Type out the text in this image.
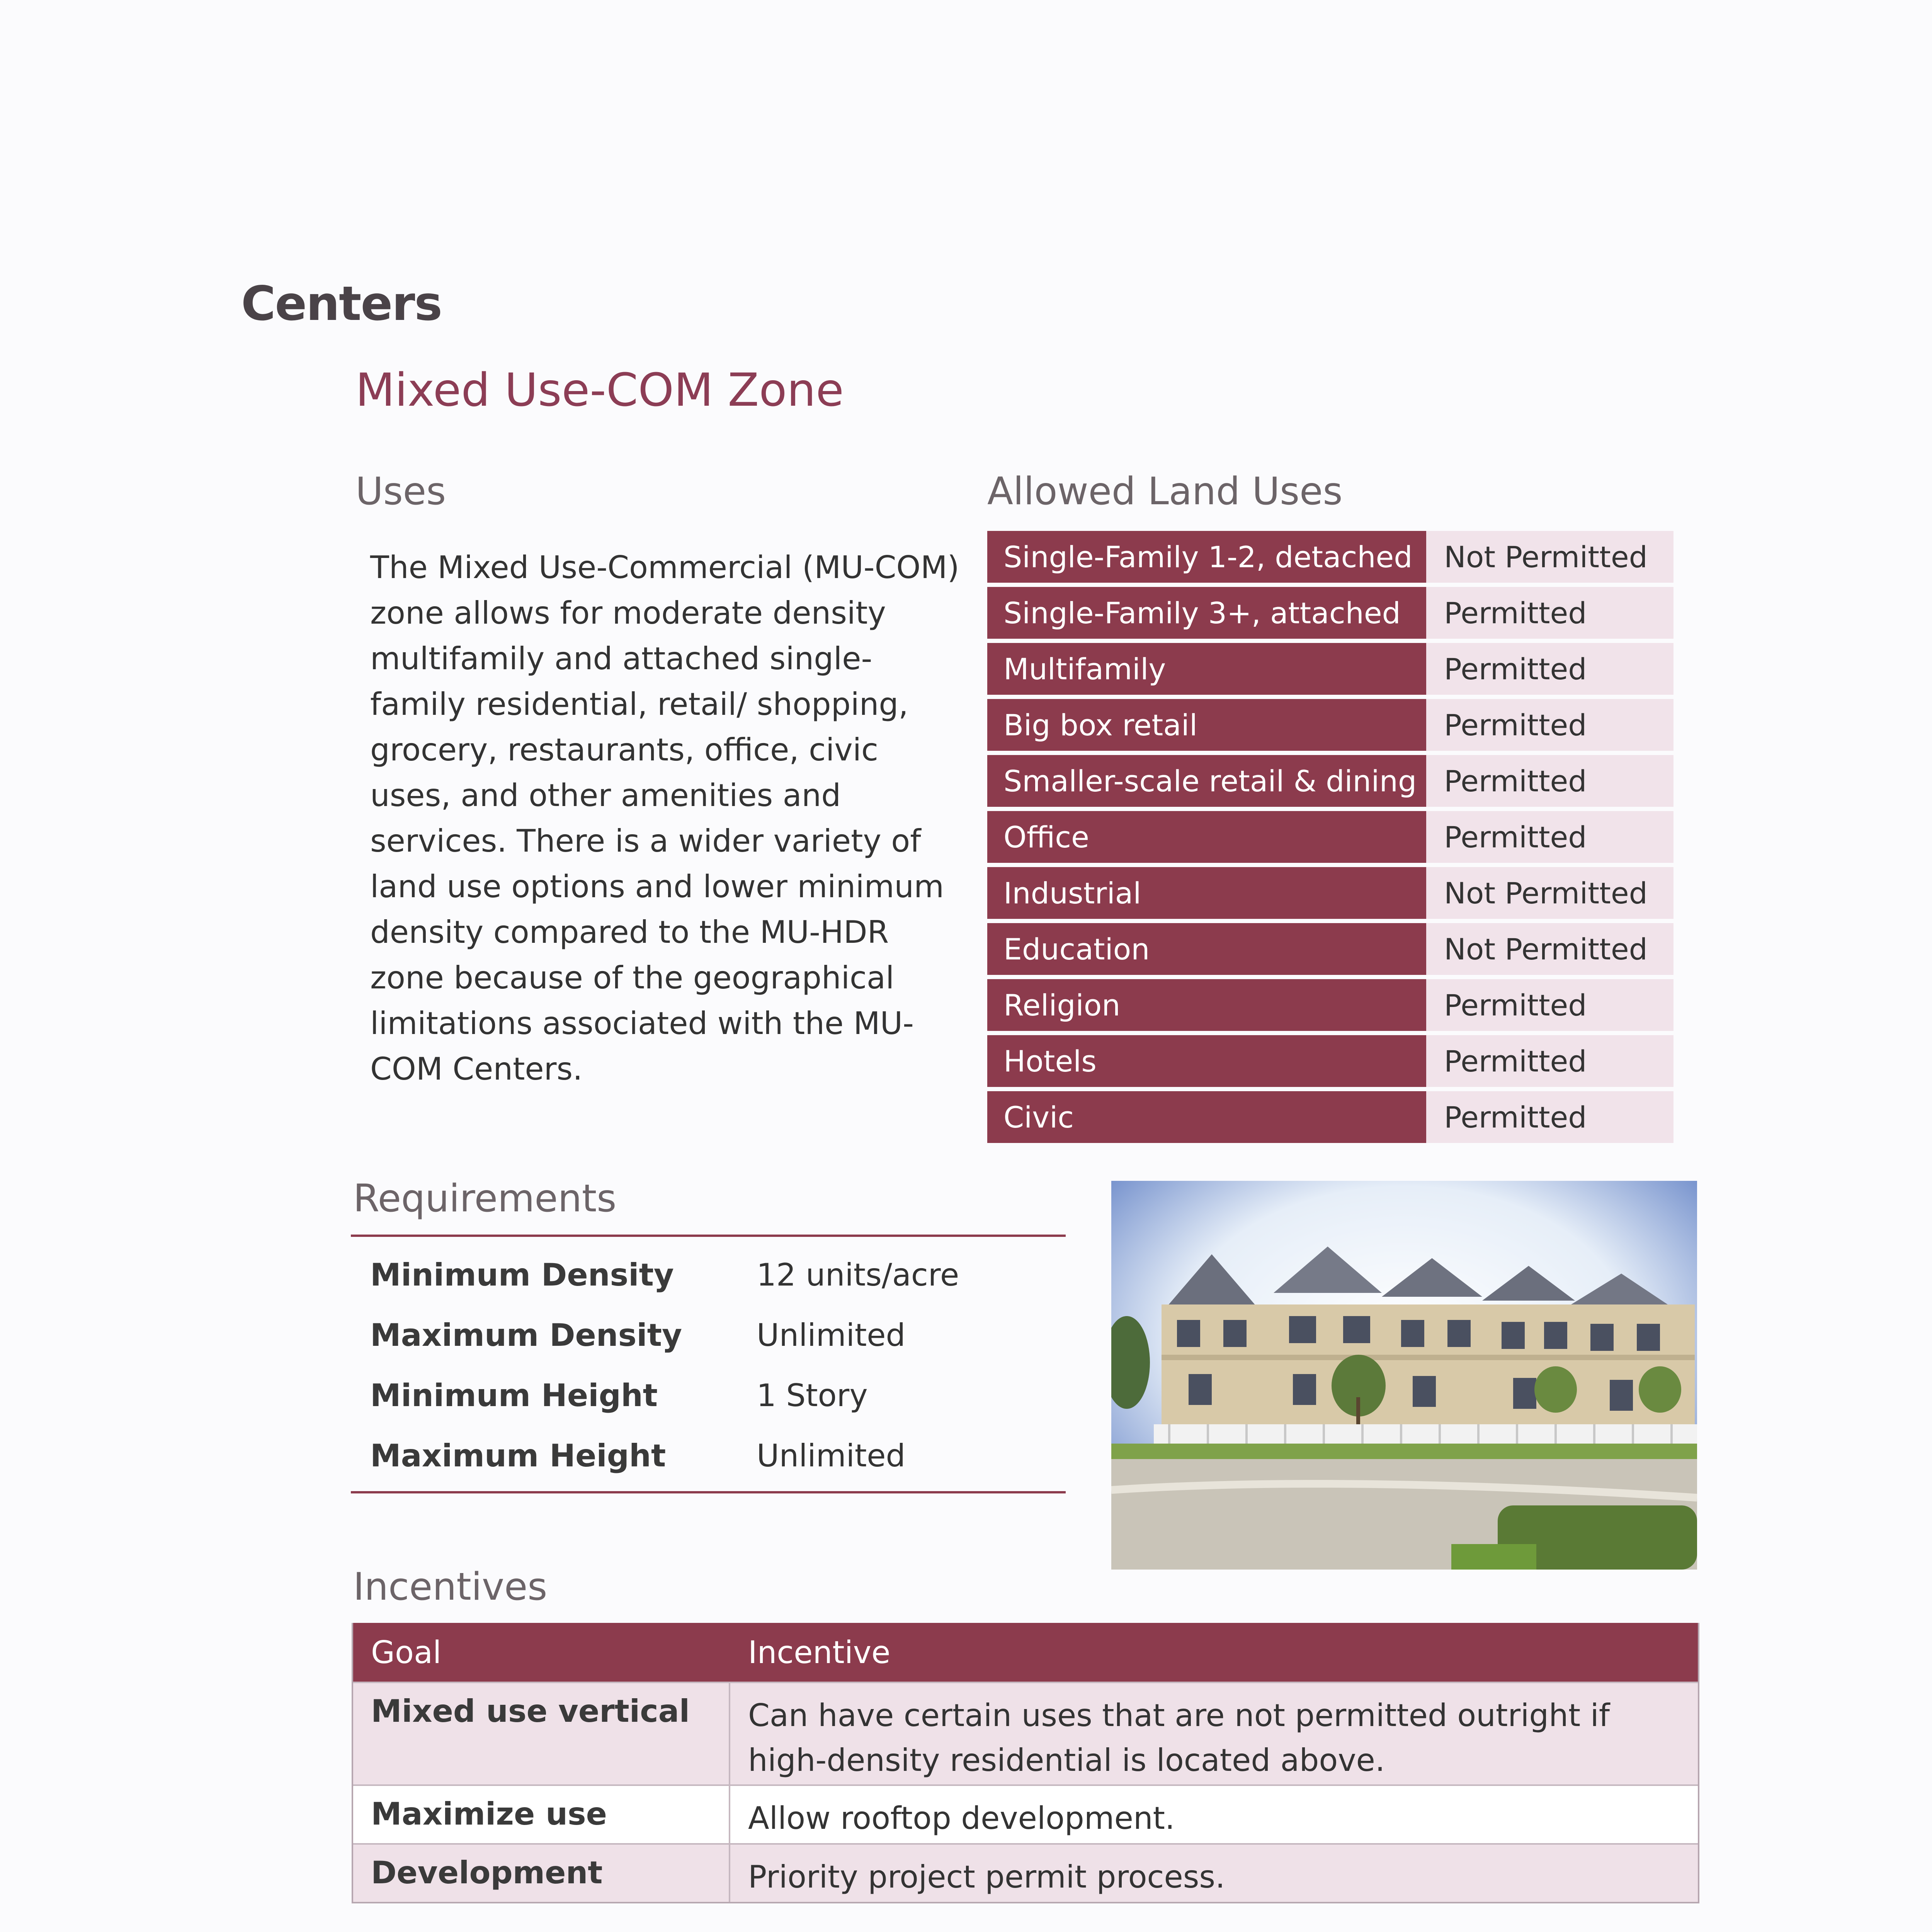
Centers
Mixed Use-COM Zone
Uses
The Mixed Use-Commercial (MU-COM) zone allows for moderate density multifamily and attached single-family residential, retail/ shopping, grocery, restaurants, office, civic uses, and other amenities and services. There is a wider variety of land use options and lower minimum density compared to the MU-HDR zone because of the geographical limitations associated with the MU-COM Centers.
Allowed Land Uses
Single-Family 1-2, detached	Not Permitted
Single-Family 3+, attached	Permitted
Multifamily	Permitted
Big box retail	Permitted
Smaller-scale retail & dining Permitted
Office	Permitted
Industrial	Not Permitted
Education	Not Permitted
Religion	Permitted
Hotels	Permitted
Civic	Permitted
Requirements
Minimum Density	12 units/acre
Maximum Density	Unlimited
Minimum Height	1 Story
Maximum Height	Unlimited
Incentives
Goal	Incentive
Mixed use vertical	Can have certain uses that are not permitted outright if high-density residential is located above.
Maximize use	Allow rooftop development.
Development	Priority project permit process.
